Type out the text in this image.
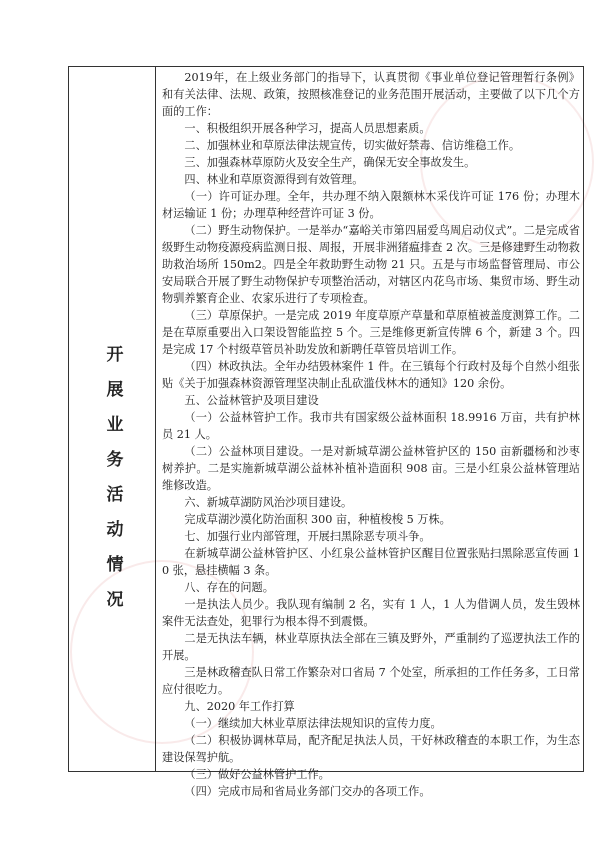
开
展
业
务
活
动
情
况

2019年，在上级业务部门的指导下，认真贯彻《事业单位登记管理暂行条例》和有关法律、法规、政策，按照核准登记的业务范围开展活动，主要做了以下几个方面的工作：

一、积极组织开展各种学习，提高人员思想素质。

二、加强林业和草原法律法规宣传，切实做好禁毒、信访维稳工作。

三、加强森林草原防火及安全生产，确保无安全事故发生。

四、林业和草原资源得到有效管理。

（一）许可证办理。全年，共办理不纳入限额林木采伐许可证 176 份；办理木材运输证 1 份；办理草种经营许可证 3 份。

（二）野生动物保护。一是举办“嘉峪关市第四届爱鸟周启动仪式”。二是完成省级野生动物疫源疫病监测日报、周报，开展非洲猪瘟排查 2 次。三是修建野生动物救助救治场所 150m2。四是全年救助野生动物 21 只。五是与市场监督管理局、市公安局联合开展了野生动物保护专项整治活动，对辖区内花鸟市场、集贸市场、野生动物驯养繁育企业、农家乐进行了专项检查。

（三）草原保护。一是完成 2019 年度草原产草量和草原植被盖度测算工作。二是在草原重要出入口架设智能监控 5 个。三是维修更新宣传牌 6 个，新建 3 个。四是完成 17 个村级草管员补助发放和新聘任草管员培训工作。

（四）林政执法。全年办结毁林案件 1 件。在三镇每个行政村及每个自然小组张贴《关于加强森林资源管理坚决制止乱砍滥伐林木的通知》120 余份。

五、公益林管护及项目建设

（一）公益林管护工作。我市共有国家级公益林面积 18.9916 万亩，共有护林员 21 人。

（二）公益林项目建设。一是对新城草湖公益林管护区的 150 亩新疆杨和沙枣树养护。二是实施新城草湖公益林补植补造面积 908 亩。三是小红泉公益林管理站维修改造。

六、新城草湖防风治沙项目建设。

完成草湖沙漠化防治面积 300 亩，种植梭梭 5 万株。

七、加强行业内部管理，开展扫黑除恶专项斗争。

在新城草湖公益林管护区、小红泉公益林管护区醒目位置张贴扫黑除恶宣传画 10 张，悬挂横幅 3 条。

八、存在的问题。

一是执法人员少。我队现有编制 2 名，实有 1 人，1 人为借调人员，发生毁林案件无法查处，犯罪行为根本得不到震慑。

二是无执法车辆，林业草原执法全部在三镇及野外，严重制约了巡逻执法工作的开展。

三是林政稽查队日常工作繁杂对口省局 7 个处室，所承担的工作任务多，工日常应付很吃力。

九、2020 年工作打算

（一）继续加大林业草原法律法规知识的宣传力度。

（二）积极协调林草局，配齐配足执法人员，干好林政稽查的本职工作，为生态建设保驾护航。

（三）做好公益林管护工作。

（四）完成市局和省局业务部门交办的各项工作。
